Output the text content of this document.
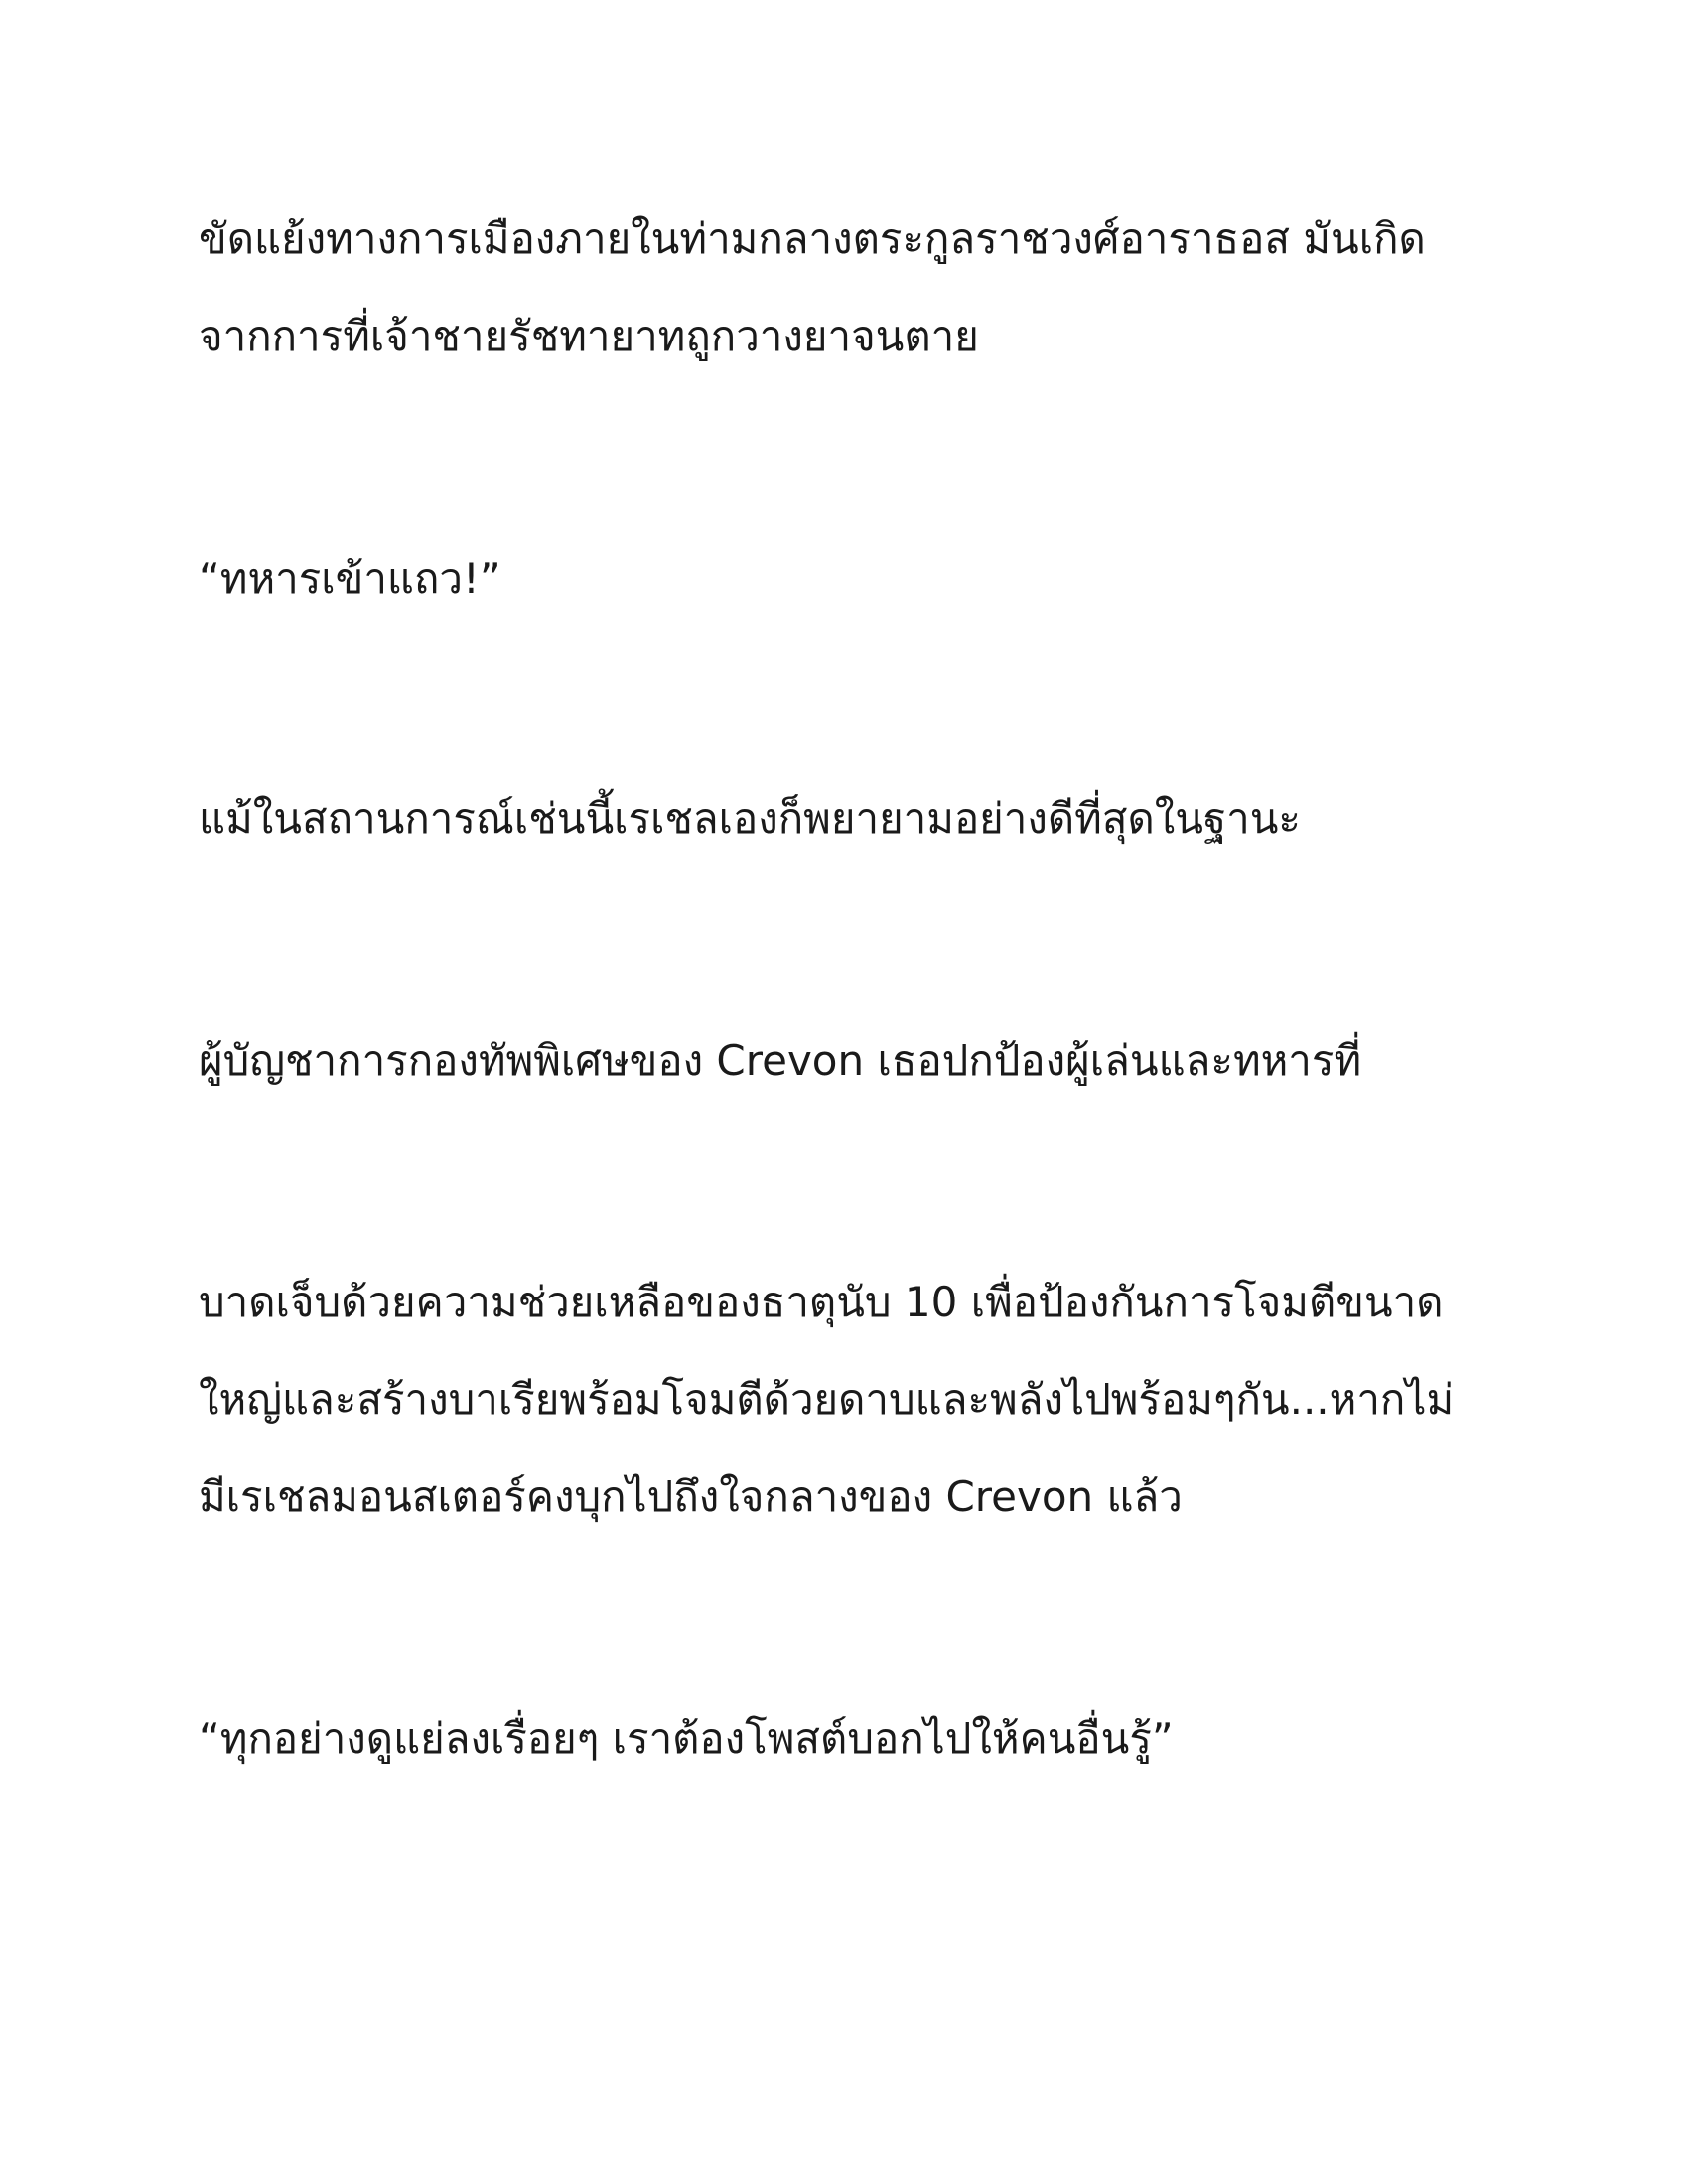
ขัดแย้งทางการเมืองภายในท่ามกลางตระกูลราชวงศ์อาราธอส มันเกิด

จากการที่เจ้าชายรัชทายาทถูกวางยาจนตาย

“ทหารเข้าแถว!”

แม้ในสถานการณ์เช่นนี้เรเชลเองก็พยายามอย่างดีที่สุดในฐานะ

ผู้บัญชาการกองทัพพิเศษของ Crevon เธอปกป้องผู้เล่นและทหารที่

บาดเจ็บด้วยความช่วยเหลือของธาตุนับ 10 เพื่อป้องกันการโจมตีขนาด

ใหญ่และสร้างบาเรียพร้อมโจมตีด้วยดาบและพลังไปพร้อมๆกัน...หากไม่

มีเรเชลมอนสเตอร์คงบุกไปถึงใจกลางของ Crevon แล้ว

“ทุกอย่างดูแย่ลงเรื่อยๆ เราต้องโพสต์บอกไปให้คนอื่นรู้”
